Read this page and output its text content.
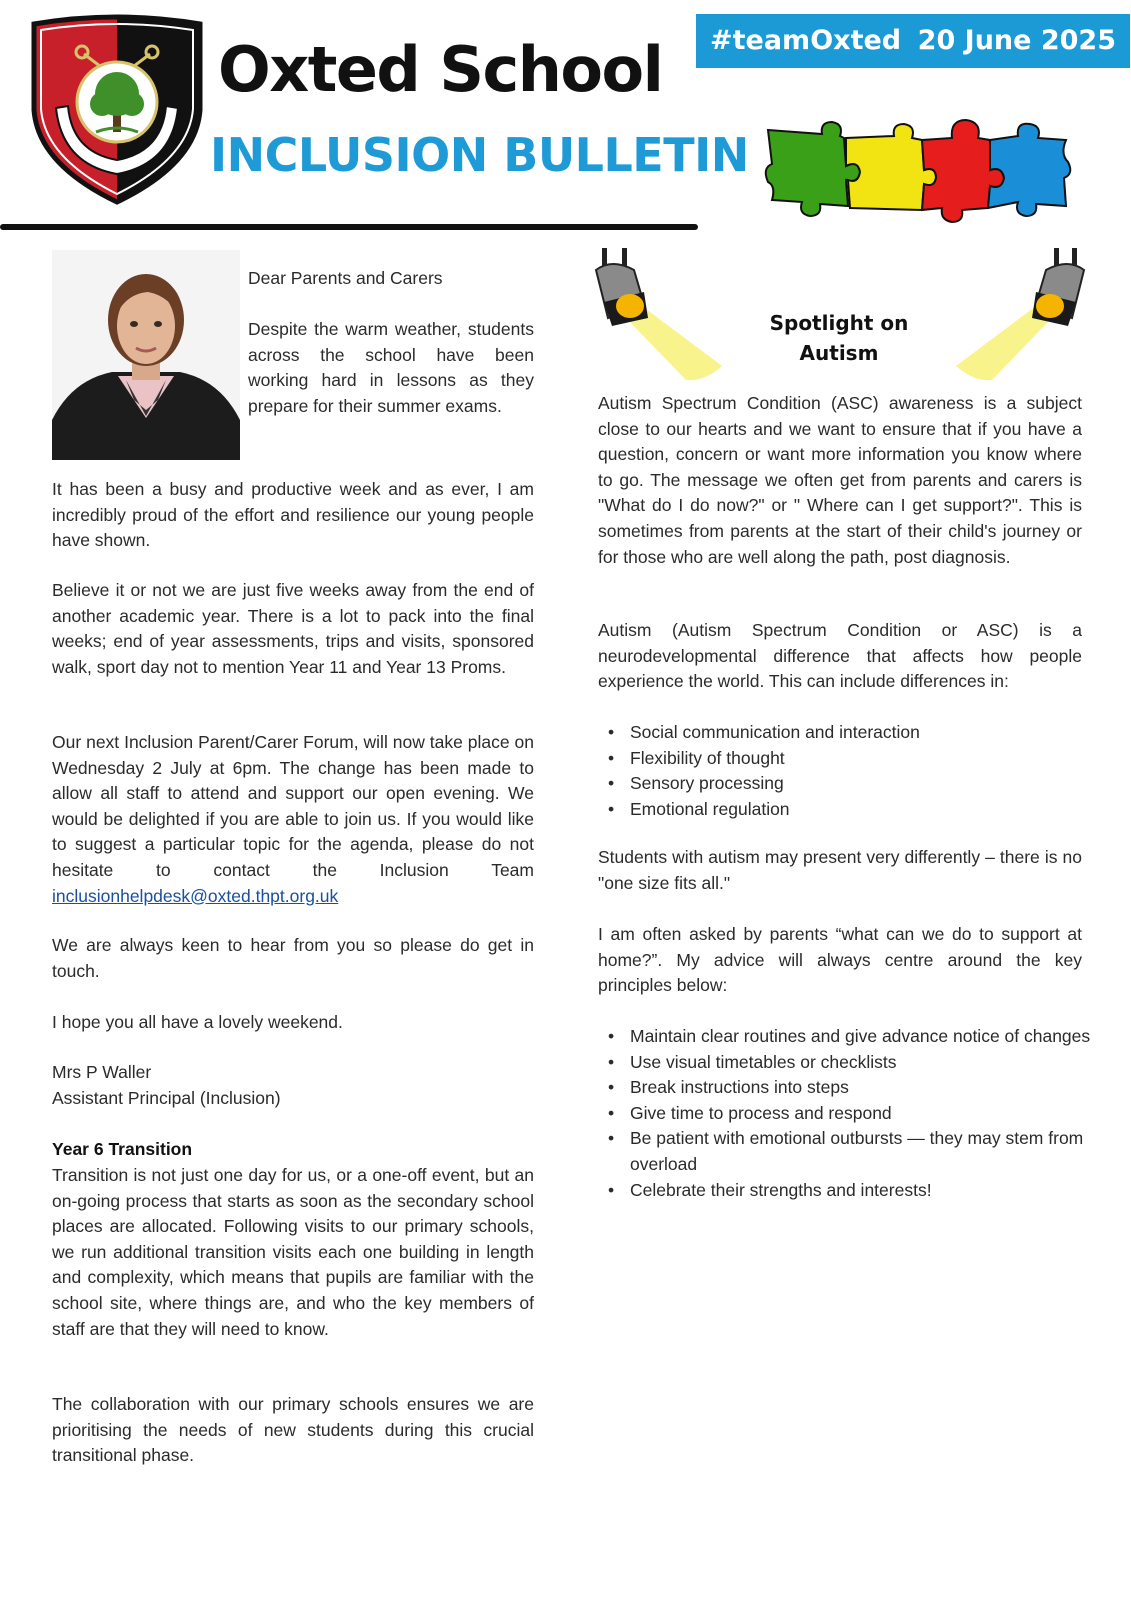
Oxted School
INCLUSION BULLETIN
#teamOxted 20 June 2025

Dear Parents and Carers

Despite the warm weather, students across the school have been working hard in lessons as they prepare for their summer exams.

It has been a busy and productive week and as ever, I am incredibly proud of the effort and resilience our young people have shown.

Believe it or not we are just five weeks away from the end of another academic year. There is a lot to pack into the final weeks; end of year assessments, trips and visits, sponsored walk, sport day not to mention Year 11 and Year 13 Proms.

Our next Inclusion Parent/Carer Forum, will now take place on Wednesday 2 July at 6pm. The change has been made to allow all staff to attend and support our open evening. We would be delighted if you are able to join us. If you would like to suggest a particular topic for the agenda, please do not hesitate to contact the Inclusion Team inclusionhelpdesk@oxted.thpt.org.uk

We are always keen to hear from you so please do get in touch.

I hope you all have a lovely weekend.

Mrs P Waller

Assistant Principal (Inclusion)

Year 6 Transition

Transition is not just one day for us, or a one-off event, but an on-going process that starts as soon as the secondary school places are allocated. Following visits to our primary schools, we run additional transition visits each one building in length and complexity, which means that pupils are familiar with the school site, where things are, and who the key members of staff are that they will need to know.

The collaboration with our primary schools ensures we are prioritising the needs of new students during this crucial transitional phase.

Spotlight on
Autism

Autism Spectrum Condition (ASC) awareness is a subject close to our hearts and we want to ensure that if you have a question, concern or want more information you know where to go. The message we often get from parents and carers is "What do I do now?" or " Where can I get support?". This is sometimes from parents at the start of their child's journey or for those who are well along the path, post diagnosis.

Autism (Autism Spectrum Condition or ASC) is a neurodevelopmental difference that affects how people experience the world. This can include differences in:

• Social communication and interaction
• Flexibility of thought
• Sensory processing
• Emotional regulation

Students with autism may present very differently – there is no "one size fits all."

I am often asked by parents “what can we do to support at home?”. My advice will always centre around the key principles below:

• Maintain clear routines and give advance notice of changes
• Use visual timetables or checklists
• Break instructions into steps
• Give time to process and respond
• Be patient with emotional outbursts — they may stem from overload
• Celebrate their strengths and interests!
